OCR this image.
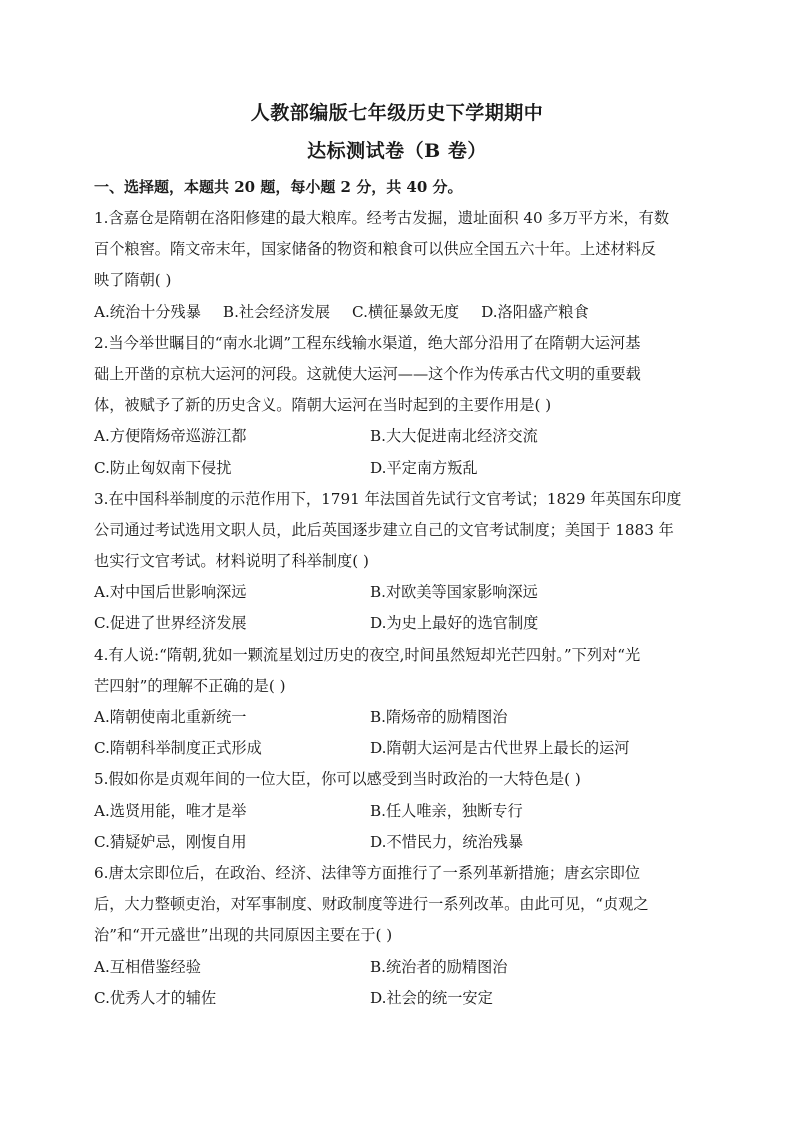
人教部编版七年级历史下学期期中
达标测试卷（B 卷）
一、选择题，本题共 20 题，每小题 2 分，共 40 分。
1.含嘉仓是隋朝在洛阳修建的最大粮库。经考古发掘，遗址面积 40 多万平方米，有数
百个粮窖。隋文帝末年，国家储备的物资和粮食可以供应全国五六十年。上述材料反
映了隋朝( )
A.统治十分残暴 B.社会经济发展 C.横征暴敛无度 D.洛阳盛产粮食
2.当今举世瞩目的“南水北调”工程东线输水渠道，绝大部分沿用了在隋朝大运河基
础上开凿的京杭大运河的河段。这就使大运河——这个作为传承古代文明的重要载
体，被赋予了新的历史含义。隋朝大运河在当时起到的主要作用是( )
A.方便隋炀帝巡游江都	B.大大促进南北经济交流
C.防止匈奴南下侵扰	D.平定南方叛乱
3.在中国科举制度的示范作用下，1791 年法国首先试行文官考试；1829 年英国东印度
公司通过考试选用文职人员，此后英国逐步建立自己的文官考试制度；美国于 1883 年
也实行文官考试。材料说明了科举制度( )
A.对中国后世影响深远	B.对欧美等国家影响深远
C.促进了世界经济发展	D.为史上最好的选官制度
4.有人说:“隋朝,犹如一颗流星划过历史的夜空,时间虽然短却光芒四射。”下列对“光
芒四射”的理解不正确的是( )
A.隋朝使南北重新统一	B.隋炀帝的励精图治
C.隋朝科举制度正式形成	D.隋朝大运河是古代世界上最长的运河
5.假如你是贞观年间的一位大臣，你可以感受到当时政治的一大特色是( )
A.选贤用能，唯才是举	B.任人唯亲，独断专行
C.猜疑妒忌，刚愎自用	D.不惜民力，统治残暴
6.唐太宗即位后，在政治、经济、法律等方面推行了一系列革新措施；唐玄宗即位
后，大力整顿吏治，对军事制度、财政制度等进行一系列改革。由此可见，“贞观之
治”和“开元盛世”出现的共同原因主要在于( )
A.互相借鉴经验	B.统治者的励精图治
C.优秀人才的辅佐	D.社会的统一安定
